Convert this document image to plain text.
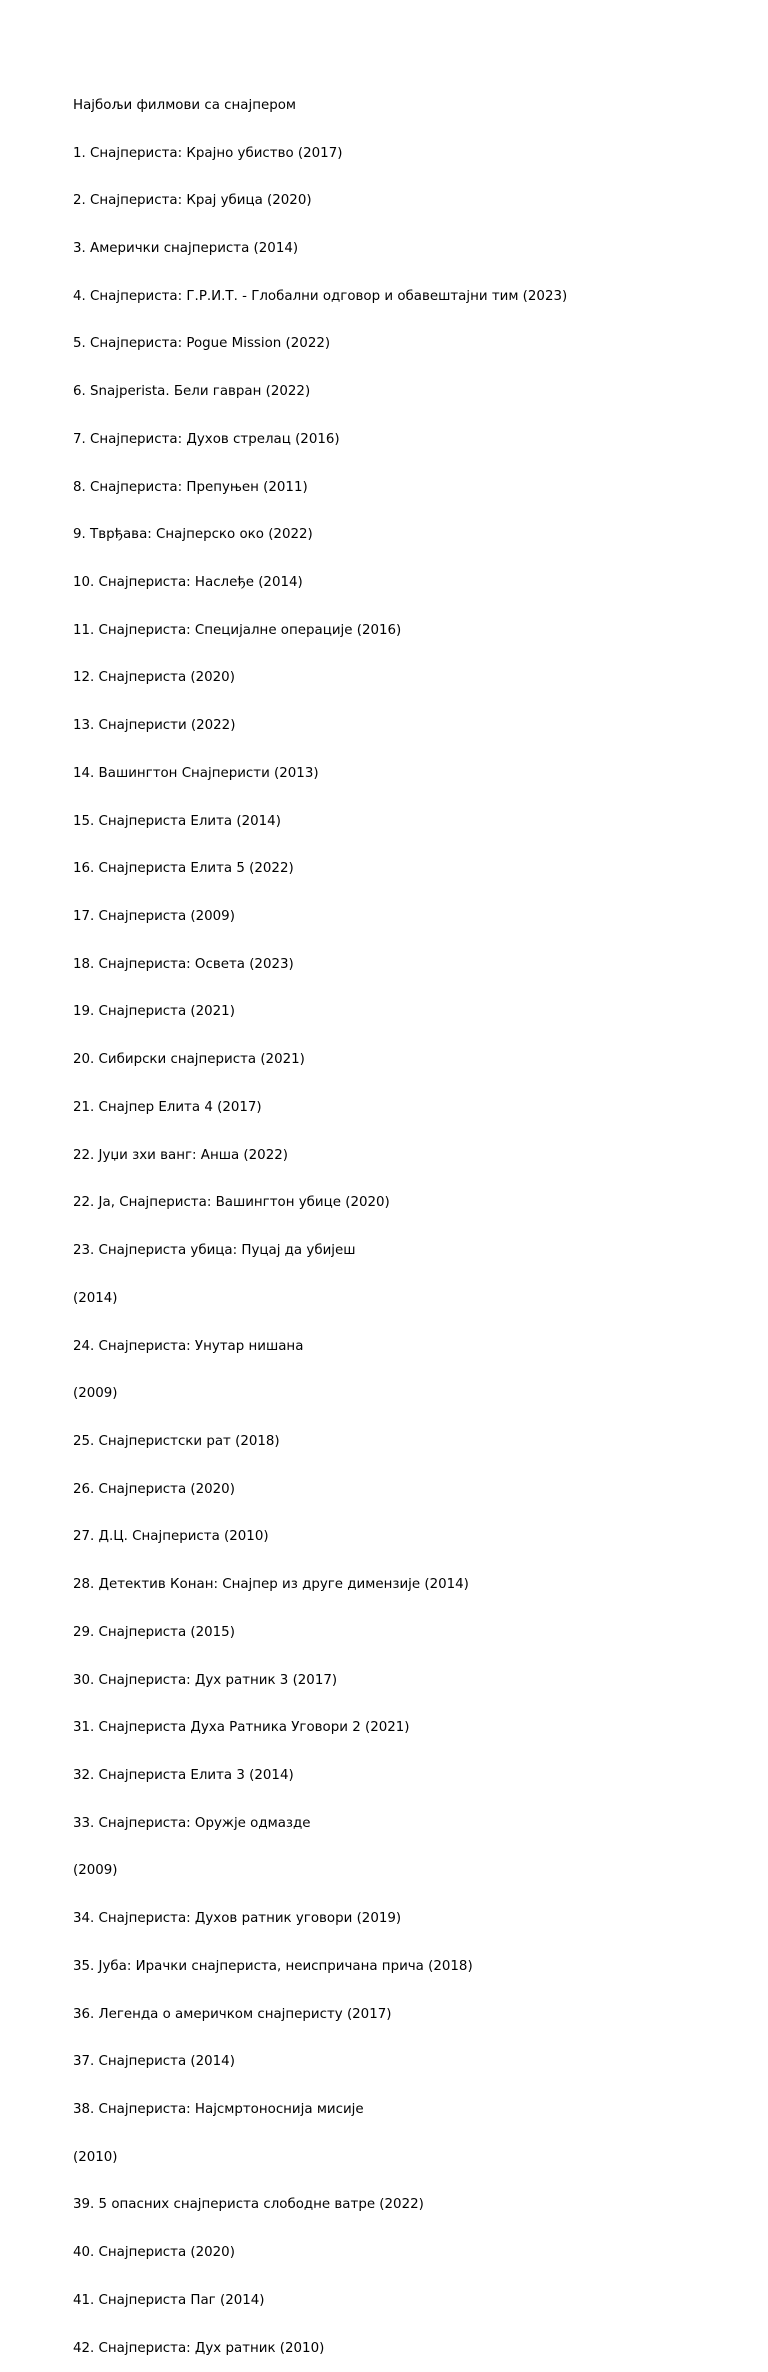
Најбољи филмови са снајпером

1. Снајпериста: Крајно убиство (2017)

2. Снајпериста: Крај убица (2020)

3. Амерички снајпериста (2014)

4. Снајпериста: Г.Р.И.Т. - Глобални одговор и обавештајни тим (2023)

5. Снајпериста: Pogue Mission (2022)

6. Snajperista. Бели гавран (2022)

7. Снајпериста: Духов стрелац (2016)

8. Снајпериста: Препуњен (2011)

9. Тврђава: Снајперско око (2022)

10. Снајпериста: Наслеђе (2014)

11. Снајпериста: Специјалне операције (2016)

12. Снајпериста (2020)

13. Снајперисти (2022)

14. Вашингтон Снајперисти (2013)

15. Снајпериста Елита (2014)

16. Снајпериста Елита 5 (2022)

17. Снајпериста (2009)

18. Снајпериста: Освета (2023)

19. Снајпериста (2021)

20. Сибирски снајпериста (2021)

21. Снајпер Елита 4 (2017)

22. Јуџи зхи ванг: Анша (2022)

22. Ја, Снајпериста: Вашингтон убице (2020)

23. Снајпериста убица: Пуцај да убијеш

(2014)

24. Снајпериста: Унутар нишана

(2009)

25. Снајперистски рат (2018)

26. Снајпериста (2020)

27. Д.Ц. Снајпериста (2010)

28. Детектив Конан: Снајпер из друге димензије (2014)

29. Снајпериста (2015)

30. Снајпериста: Дух ратник 3 (2017)

31. Снајпериста Духа Ратника Уговори 2 (2021)

32. Снајпериста Елита 3 (2014)

33. Снајпериста: Оружје одмазде

(2009)

34. Снајпериста: Духов ратник уговори (2019)

35. Јуба: Ирачки снајпериста, неиспричана прича (2018)

36. Легенда о америчком снајперисту (2017)

37. Снајпериста (2014)

38. Снајпериста: Најсмртоноснија мисије

(2010)

39. 5 опасних снајпериста слободне ватре (2022)

40. Снајпериста (2020)

41. Снајпериста Паг (2014)

42. Снајпериста: Дух ратник (2010)
